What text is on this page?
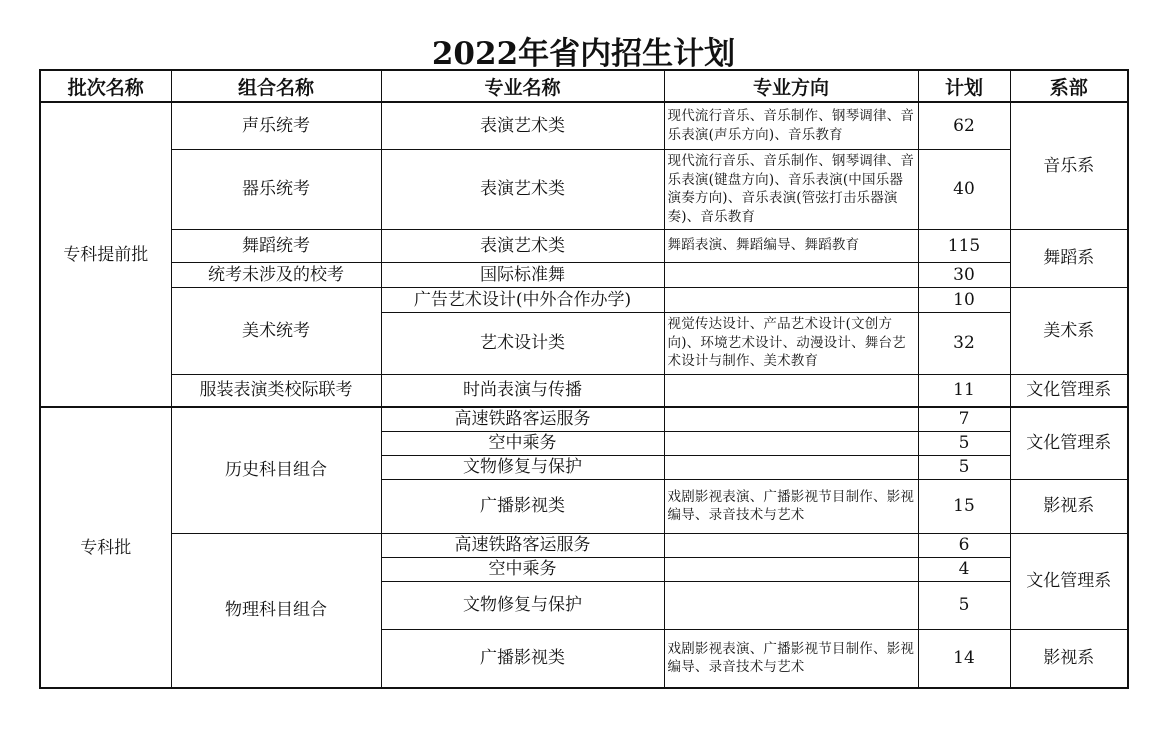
2022年省内招生计划
批次名称	组合名称	专业名称	专业方向	计划	系部
专科提前批	声乐统考	表演艺术类	现代流行音乐、音乐制作、钢琴调律、音乐表演(声乐方向)、音乐教育	62	音乐系
	器乐统考	表演艺术类	现代流行音乐、音乐制作、钢琴调律、音乐表演(键盘方向)、音乐表演(中国乐器演奏方向)、音乐表演(管弦打击乐器演奏)、音乐教育	40	
	舞蹈统考	表演艺术类	舞蹈表演、舞蹈编导、舞蹈教育	115	舞蹈系
	统考未涉及的校考	国际标准舞		30	
	美术统考	广告艺术设计(中外合作办学)		10	美术系
		艺术设计类	视觉传达设计、产品艺术设计(文创方向)、环境艺术设计、动漫设计、舞台艺术设计与制作、美术教育	32	
	服装表演类校际联考	时尚表演与传播		11	文化管理系
专科批	历史科目组合	高速铁路客运服务		7	文化管理系
		空中乘务		5	
		文物修复与保护		5	
		广播影视类	戏剧影视表演、广播影视节目制作、影视编导、录音技术与艺术	15	影视系
	物理科目组合	高速铁路客运服务		6	文化管理系
		空中乘务		4	
		文物修复与保护		5	
		广播影视类	戏剧影视表演、广播影视节目制作、影视编导、录音技术与艺术	14	影视系
